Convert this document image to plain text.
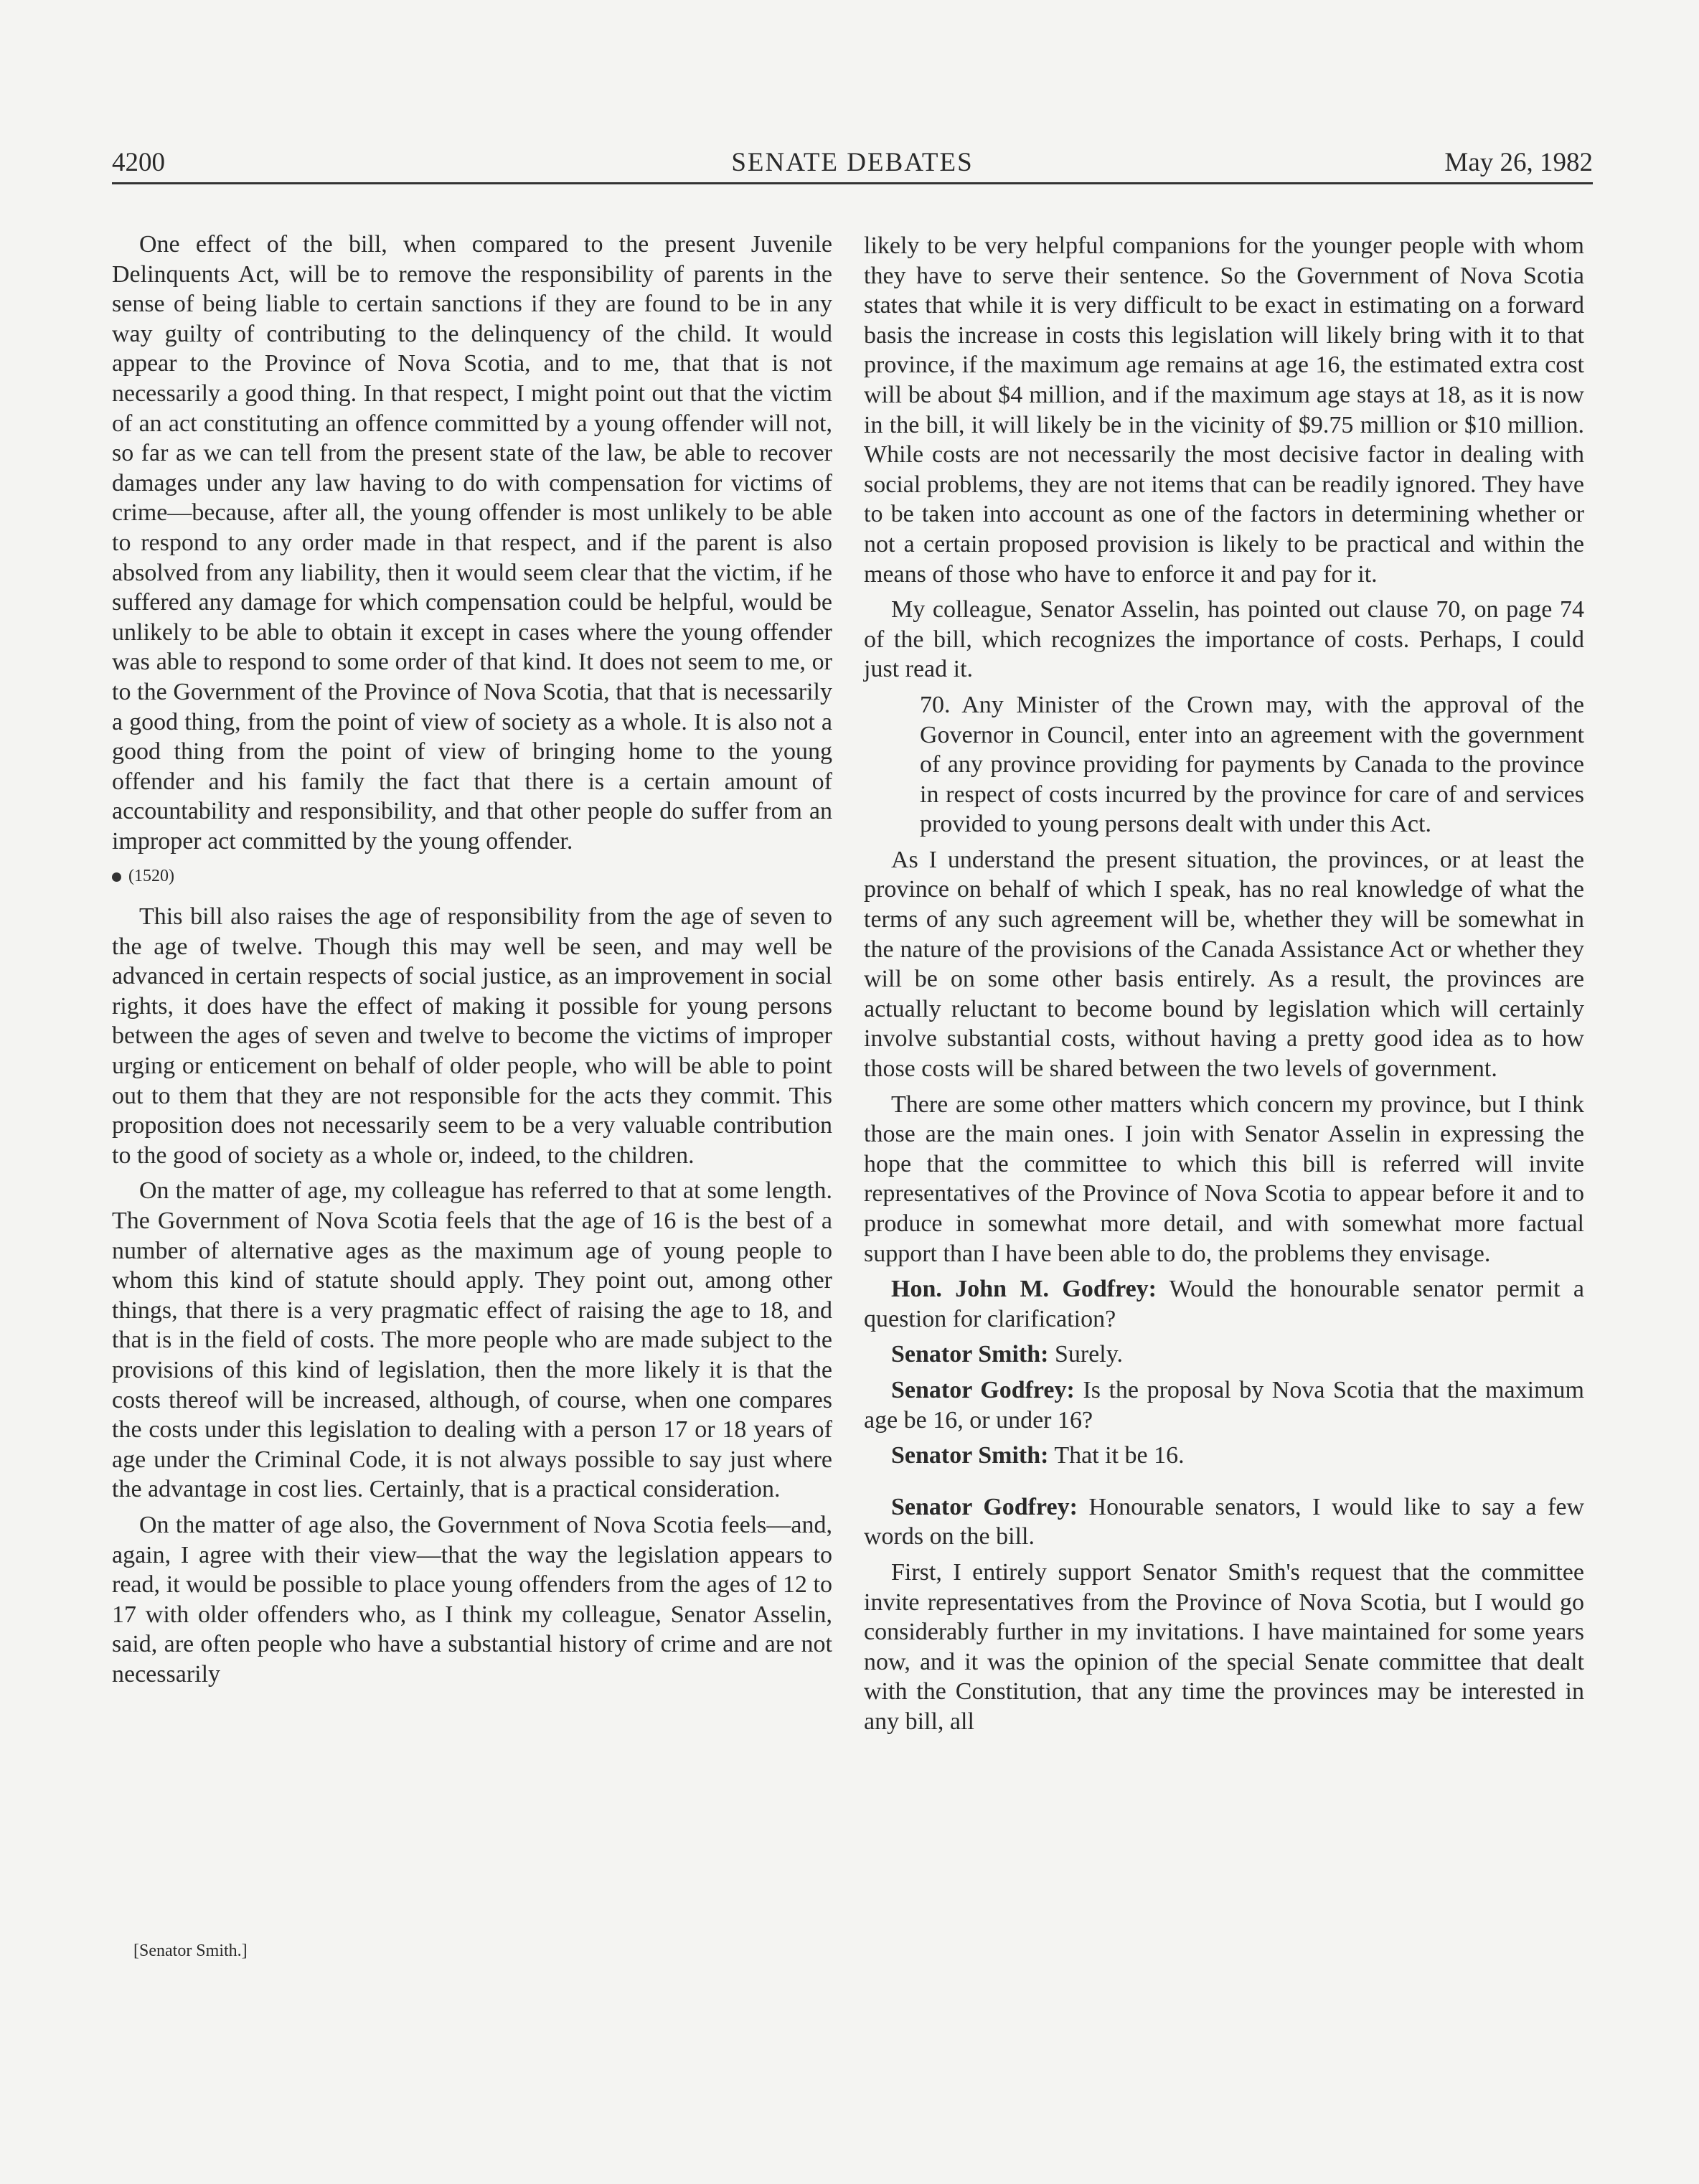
4200	SENATE DEBATES	May 26, 1982

One effect of the bill, when compared to the present Juvenile Delinquents Act, will be to remove the responsibility of parents in the sense of being liable to certain sanctions if they are found to be in any way guilty of contributing to the delinquency of the child. It would appear to the Province of Nova Scotia, and to me, that that is not necessarily a good thing. In that respect, I might point out that the victim of an act constituting an offence committed by a young offender will not, so far as we can tell from the present state of the law, be able to recover damages under any law having to do with compensation for victims of crime—because, after all, the young offender is most unlikely to be able to respond to any order made in that respect, and if the parent is also absolved from any liability, then it would seem clear that the victim, if he suffered any damage for which compensation could be helpful, would be unlikely to be able to obtain it except in cases where the young offender was able to respond to some order of that kind. It does not seem to me, or to the Government of the Province of Nova Scotia, that that is necessarily a good thing, from the point of view of society as a whole. It is also not a good thing from the point of view of bringing home to the young offender and his family the fact that there is a certain amount of accountability and responsibility, and that other people do suffer from an improper act committed by the young offender.

(1520)

This bill also raises the age of responsibility from the age of seven to the age of twelve. Though this may well be seen, and may well be advanced in certain respects of social justice, as an improvement in social rights, it does have the effect of making it possible for young persons between the ages of seven and twelve to become the victims of improper urging or enticement on behalf of older people, who will be able to point out to them that they are not responsible for the acts they commit. This proposition does not necessarily seem to be a very valuable contribution to the good of society as a whole or, indeed, to the children.

On the matter of age, my colleague has referred to that at some length. The Government of Nova Scotia feels that the age of 16 is the best of a number of alternative ages as the maximum age of young people to whom this kind of statute should apply. They point out, among other things, that there is a very pragmatic effect of raising the age to 18, and that is in the field of costs. The more people who are made subject to the provisions of this kind of legislation, then the more likely it is that the costs thereof will be increased, although, of course, when one compares the costs under this legislation to dealing with a person 17 or 18 years of age under the Criminal Code, it is not always possible to say just where the advantage in cost lies. Certainly, that is a practical consideration.

On the matter of age also, the Government of Nova Scotia feels—and, again, I agree with their view—that the way the legislation appears to read, it would be possible to place young offenders from the ages of 12 to 17 with older offenders who, as I think my colleague, Senator Asselin, said, are often people who have a substantial history of crime and are not necessarily

likely to be very helpful companions for the younger people with whom they have to serve their sentence. So the Government of Nova Scotia states that while it is very difficult to be exact in estimating on a forward basis the increase in costs this legislation will likely bring with it to that province, if the maximum age remains at age 16, the estimated extra cost will be about $4 million, and if the maximum age stays at 18, as it is now in the bill, it will likely be in the vicinity of $9.75 million or $10 million. While costs are not necessarily the most decisive factor in dealing with social problems, they are not items that can be readily ignored. They have to be taken into account as one of the factors in determining whether or not a certain proposed provision is likely to be practical and within the means of those who have to enforce it and pay for it.

My colleague, Senator Asselin, has pointed out clause 70, on page 74 of the bill, which recognizes the importance of costs. Perhaps, I could just read it.

70. Any Minister of the Crown may, with the approval of the Governor in Council, enter into an agreement with the government of any province providing for payments by Canada to the province in respect of costs incurred by the province for care of and services provided to young persons dealt with under this Act.

As I understand the present situation, the provinces, or at least the province on behalf of which I speak, has no real knowledge of what the terms of any such agreement will be, whether they will be somewhat in the nature of the provisions of the Canada Assistance Act or whether they will be on some other basis entirely. As a result, the provinces are actually reluctant to become bound by legislation which will certainly involve substantial costs, without having a pretty good idea as to how those costs will be shared between the two levels of government.

There are some other matters which concern my province, but I think those are the main ones. I join with Senator Asselin in expressing the hope that the committee to which this bill is referred will invite representatives of the Province of Nova Scotia to appear before it and to produce in somewhat more detail, and with somewhat more factual support than I have been able to do, the problems they envisage.

Hon. John M. Godfrey: Would the honourable senator permit a question for clarification?

Senator Smith: Surely.

Senator Godfrey: Is the proposal by Nova Scotia that the maximum age be 16, or under 16?

Senator Smith: That it be 16.

Senator Godfrey: Honourable senators, I would like to say a few words on the bill.

First, I entirely support Senator Smith's request that the committee invite representatives from the Province of Nova Scotia, but I would go considerably further in my invitations. I have maintained for some years now, and it was the opinion of the special Senate committee that dealt with the Constitution, that any time the provinces may be interested in any bill, all

[Senator Smith.]
